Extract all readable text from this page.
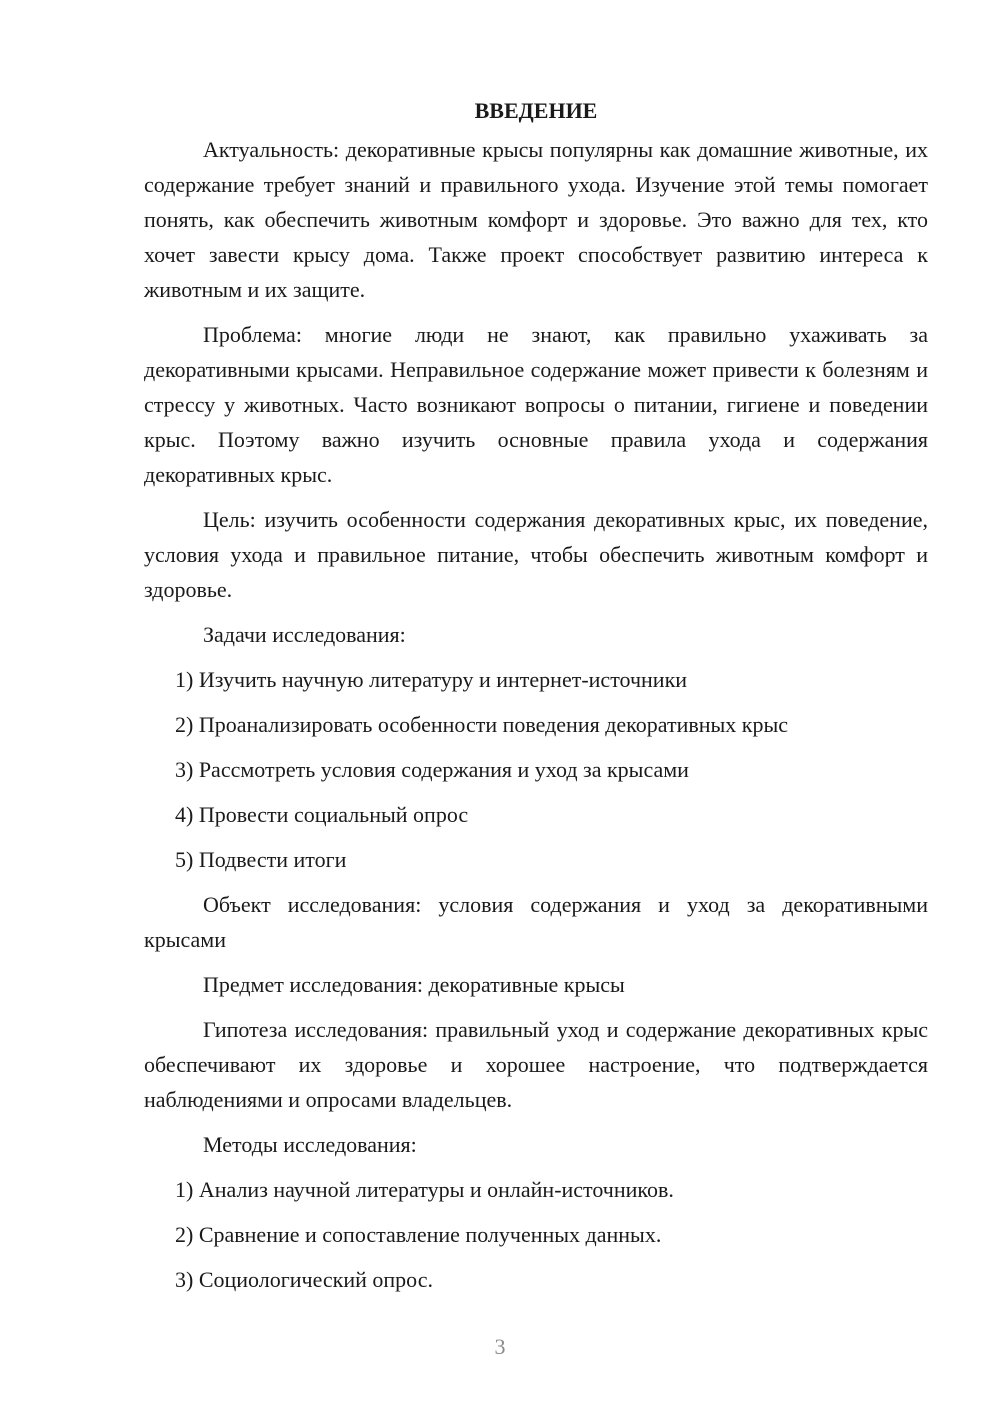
ВВЕДЕНИЕ

Актуальность: декоративные крысы популярны как домашние животные, их содержание требует знаний и правильного ухода. Изучение этой темы помогает понять, как обеспечить животным комфорт и здоровье. Это важно для тех, кто хочет завести крысу дома. Также проект способствует развитию интереса к животным и их защите.

Проблема: многие люди не знают, как правильно ухаживать за декоративными крысами. Неправильное содержание может привести к болезням и стрессу у животных. Часто возникают вопросы о питании, гигиене и поведении крыс. Поэтому важно изучить основные правила ухода и содержания декоративных крыс.

Цель: изучить особенности содержания декоративных крыс, их поведение, условия ухода и правильное питание, чтобы обеспечить животным комфорт и здоровье.

Задачи исследования:

1) Изучить научную литературу и интернет-источники

2) Проанализировать особенности поведения декоративных крыс

3) Рассмотреть условия содержания и уход за крысами

4) Провести социальный опрос

5) Подвести итоги

Объект исследования: условия содержания и уход за декоративными крысами

Предмет исследования: декоративные крысы

Гипотеза исследования: правильный уход и содержание декоративных крыс обеспечивают их здоровье и хорошее настроение, что подтверждается наблюдениями и опросами владельцев.

Методы исследования:

1) Анализ научной литературы и онлайн-источников.

2) Сравнение и сопоставление полученных данных.

3) Социологический опрос.

3
